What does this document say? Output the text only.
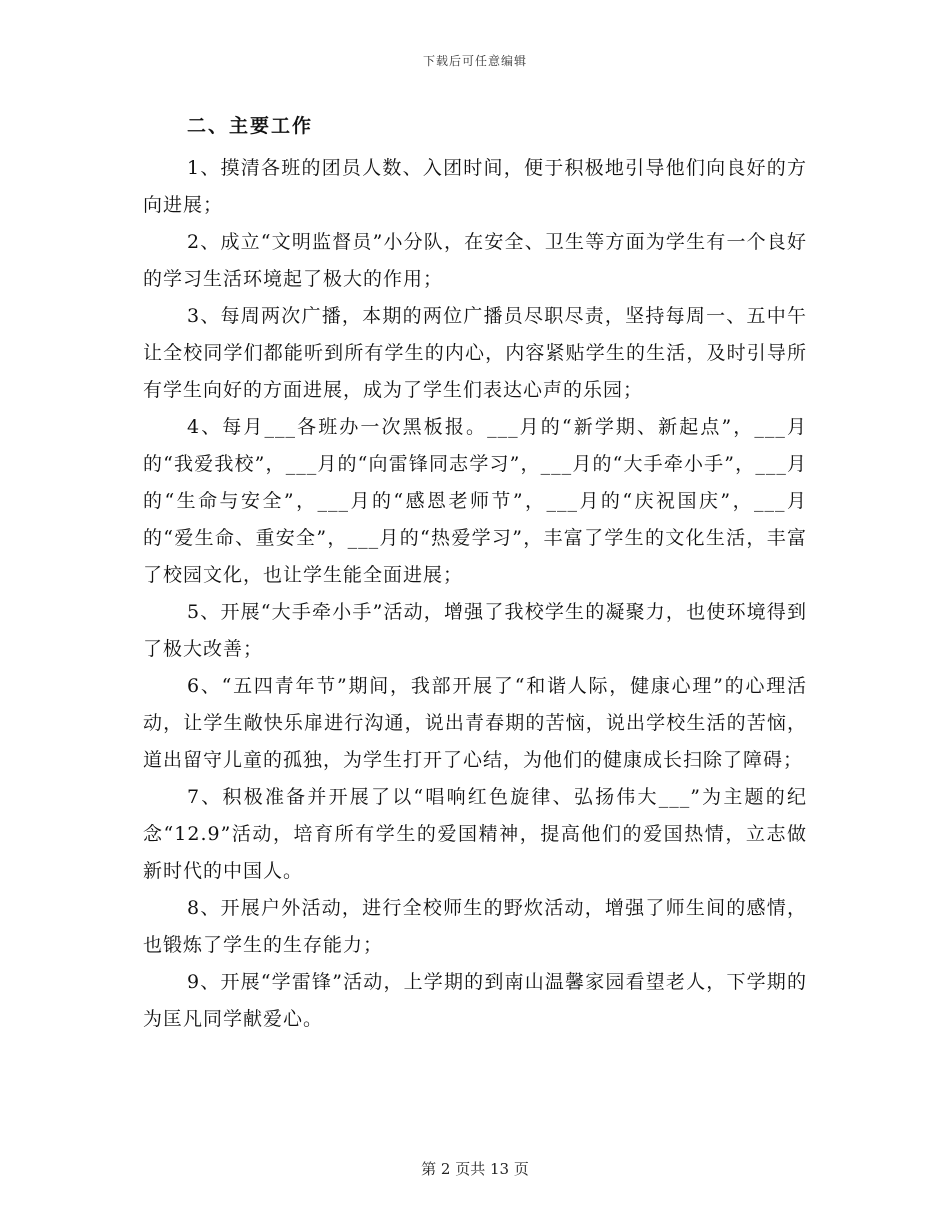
下载后可任意编辑
二、主要工作

1、摸清各班的团员人数、入团时间，便于积极地引导他们向良好的方向进展；

2、成立“文明监督员”小分队，在安全、卫生等方面为学生有一个良好的学习生活环境起了极大的作用；

3、每周两次广播，本期的两位广播员尽职尽责，坚持每周一、五中午让全校同学们都能听到所有学生的内心，内容紧贴学生的生活，及时引导所有学生向好的方面进展，成为了学生们表达心声的乐园；

4、每月___各班办一次黑板报。___月的“新学期、新起点”，___月的“我爱我校”，___月的“向雷锋同志学习”，___月的“大手牵小手”，___月的“生命与安全”，___月的“感恩老师节”，___月的“庆祝国庆”，___月的“爱生命、重安全”，___月的“热爱学习”，丰富了学生的文化生活，丰富了校园文化，也让学生能全面进展；

5、开展“大手牵小手”活动，增强了我校学生的凝聚力，也使环境得到了极大改善；

6、“五四青年节”期间，我部开展了“和谐人际，健康心理”的心理活动，让学生敞快乐扉进行沟通，说出青春期的苦恼，说出学校生活的苦恼，道出留守儿童的孤独，为学生打开了心结，为他们的健康成长扫除了障碍；

7、积极准备并开展了以“唱响红色旋律、弘扬伟大___”为主题的纪念“12.9”活动，培育所有学生的爱国精神，提高他们的爱国热情，立志做新时代的中国人。

8、开展户外活动，进行全校师生的野炊活动，增强了师生间的感情，也锻炼了学生的生存能力；

9、开展“学雷锋”活动，上学期的到南山温馨家园看望老人，下学期的为匡凡同学献爱心。

第 2 页共 13 页
